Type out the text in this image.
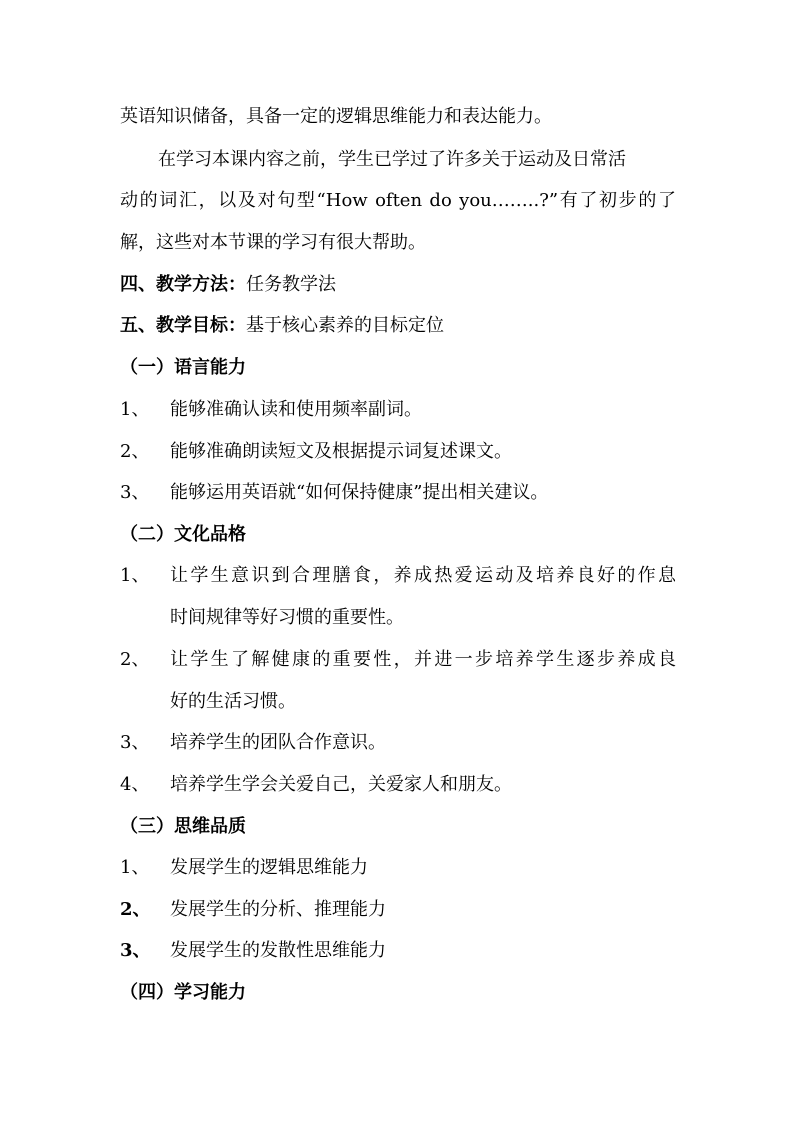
英语知识储备，具备一定的逻辑思维能力和表达能力。
在学习本课内容之前，学生已学过了许多关于运动及日常活
动的词汇，以及对句型“How often do you……..?”有了初步的了
解，这些对本节课的学习有很大帮助。
四、教学方法：任务教学法
五、教学目标：基于核心素养的目标定位
（一）语言能力
1、 能够准确认读和使用频率副词。
2、 能够准确朗读短文及根据提示词复述课文。
3、 能够运用英语就“如何保持健康”提出相关建议。
（二）文化品格
1、 让学生意识到合理膳食，养成热爱运动及培养良好的作息
时间规律等好习惯的重要性。
2、 让学生了解健康的重要性，并进一步培养学生逐步养成良
好的生活习惯。
3、 培养学生的团队合作意识。
4、 培养学生学会关爱自己，关爱家人和朋友。
（三）思维品质
1、 发展学生的逻辑思维能力
2、 发展学生的分析、推理能力
3、 发展学生的发散性思维能力
（四）学习能力
